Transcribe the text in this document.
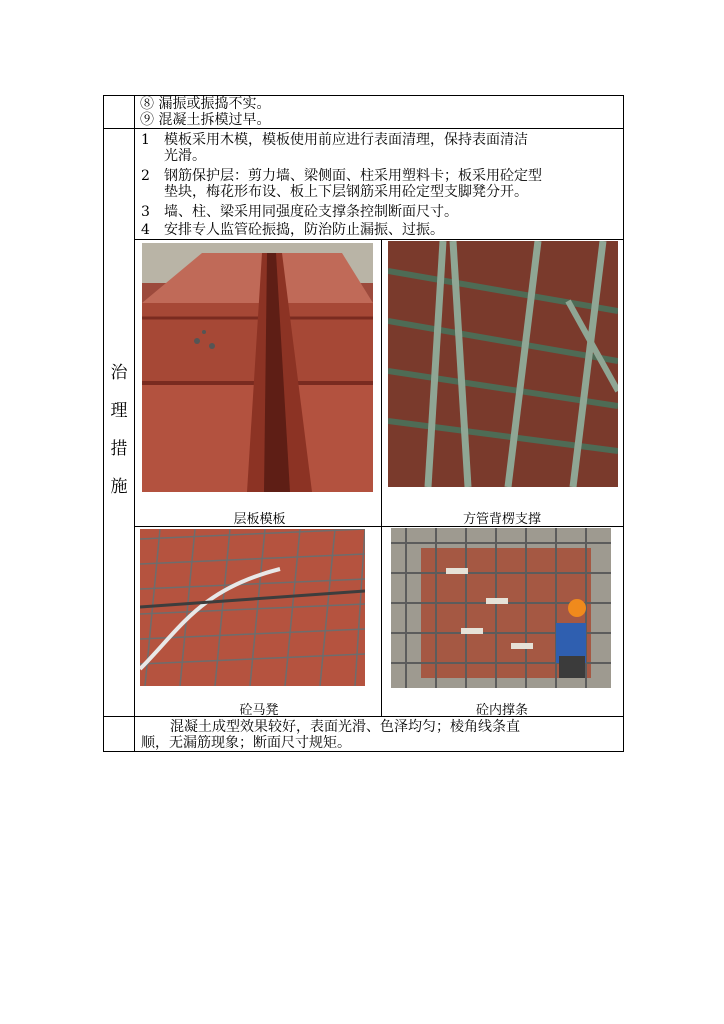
⑧ 漏振或振捣不实。
⑨ 混凝土拆模过早。
治
理
措
施
1 模板采用木模，模板使用前应进行表面清理，保持表面清洁
光滑。
2 钢筋保护层：剪力墙、梁侧面、柱采用塑料卡；板采用砼定型
垫块，梅花形布设、板上下层钢筋采用砼定型支脚凳分开。
3 墙、柱、梁采用同强度砼支撑条控制断面尺寸。
4 安排专人监管砼振捣，防治防止漏振、过振。
层板模板	方管背楞支撑
砼马凳	砼内撑条
混凝土成型效果较好，表面光滑、色泽均匀；棱角线条直
顺，无漏筋现象；断面尺寸规矩。
